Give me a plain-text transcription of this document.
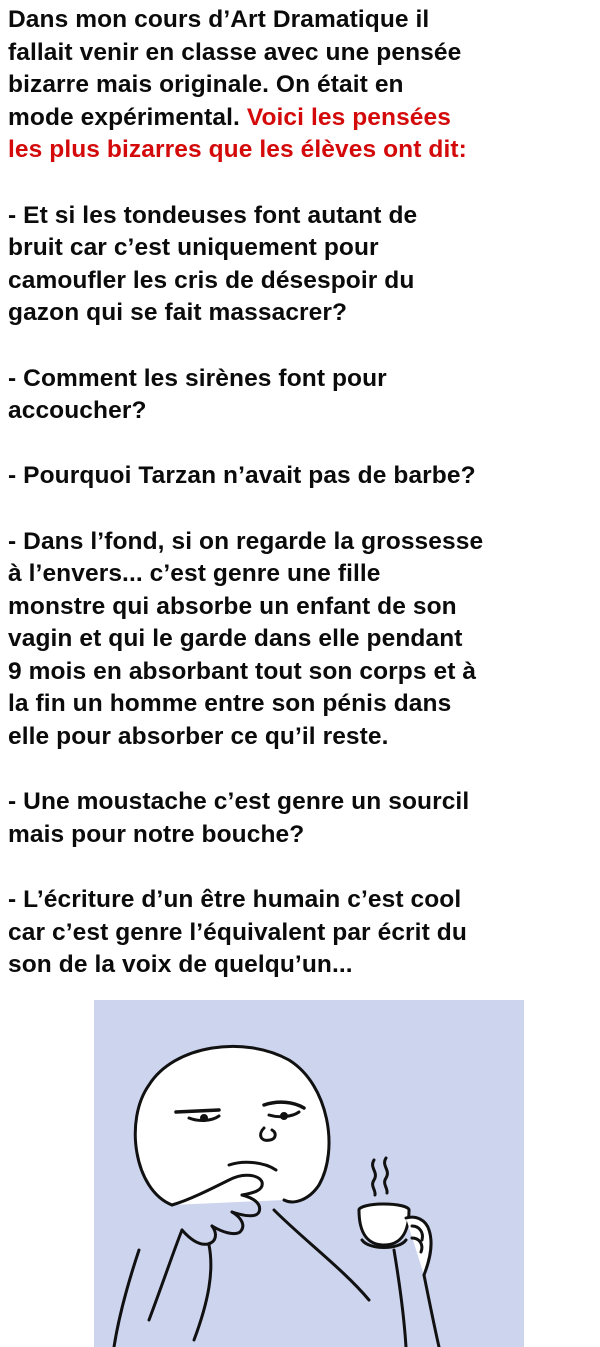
Dans mon cours d’Art Dramatique il
fallait venir en classe avec une pensée
bizarre mais originale. On était en
mode expérimental. Voici les pensées
les plus bizarres que les élèves ont dit:
- Et si les tondeuses font autant de
bruit car c’est uniquement pour
camoufler les cris de désespoir du
gazon qui se fait massacrer?
- Comment les sirènes font pour
accoucher?
- Pourquoi Tarzan n’avait pas de barbe?
- Dans l’fond, si on regarde la grossesse
à l’envers... c’est genre une fille
monstre qui absorbe un enfant de son
vagin et qui le garde dans elle pendant
9 mois en absorbant tout son corps et à
la fin un homme entre son pénis dans
elle pour absorber ce qu’il reste.
- Une moustache c’est genre un sourcil
mais pour notre bouche?
- L’écriture d’un être humain c’est cool
car c’est genre l’équivalent par écrit du
son de la voix de quelqu’un...
